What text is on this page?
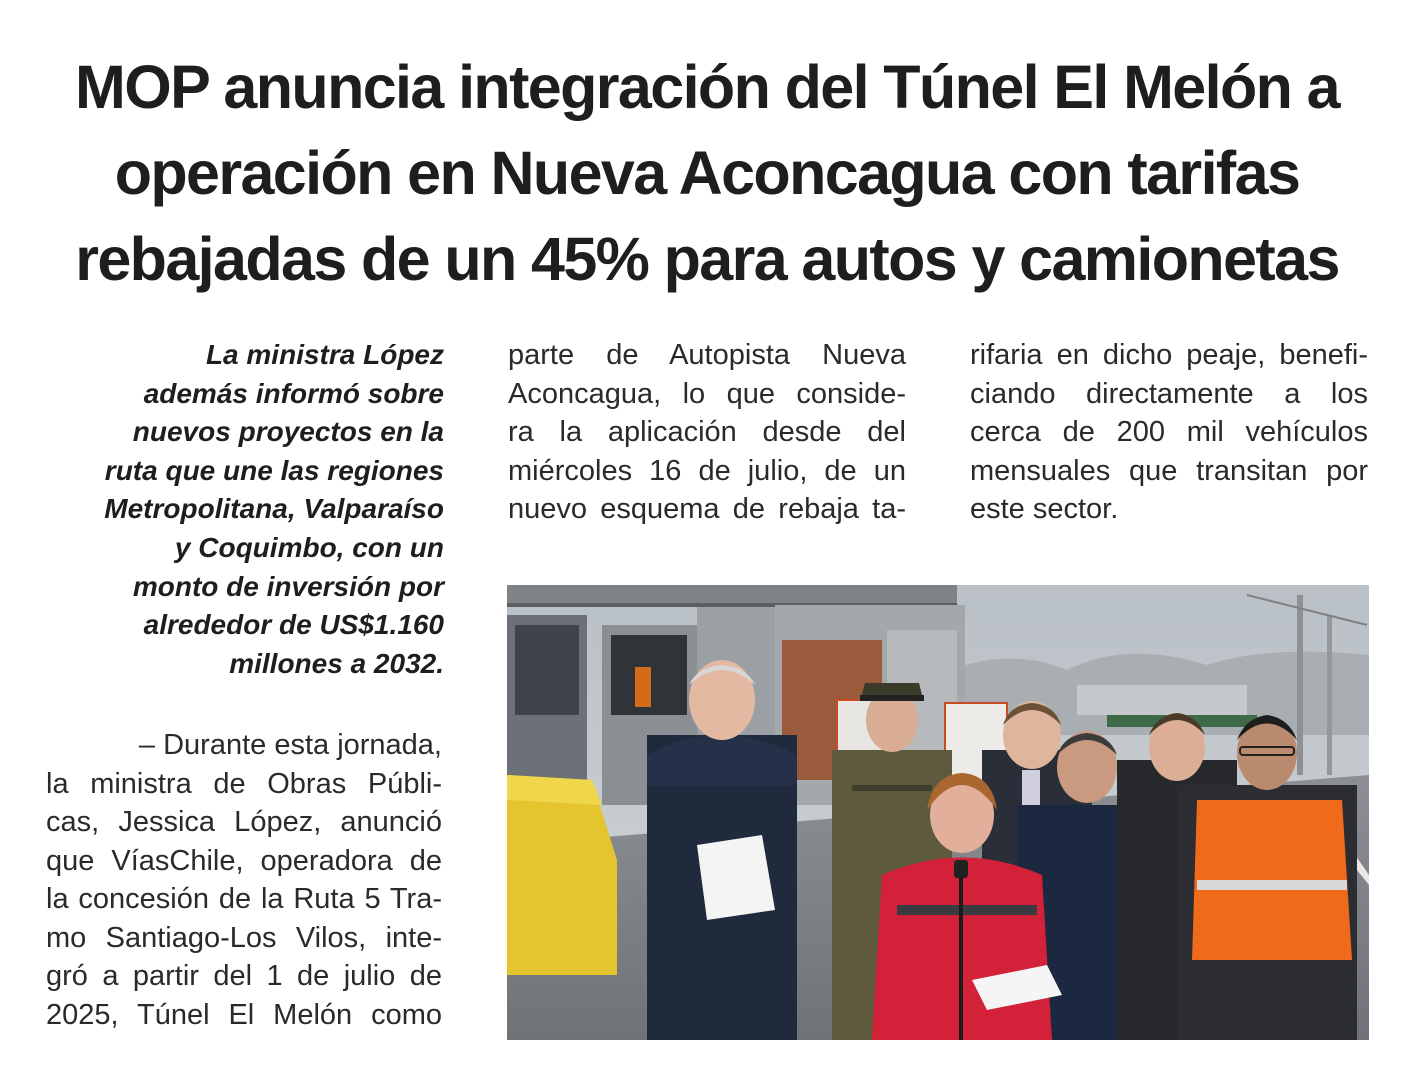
MOP anuncia integración del Túnel El Melón a
operación en Nueva Aconcagua con tarifas
rebajadas de un 45% para autos y camionetas
La ministra López
además informó sobre
nuevos proyectos en la
ruta que une las regiones
Metropolitana, Valparaíso
y Coquimbo, con un
monto de inversión por
alrededor de US$1.160
millones a 2032.
– Durante esta jornada,
la ministra de Obras Públi-
cas, Jessica López, anunció
que VíasChile, operadora de
la concesión de la Ruta 5 Tra-
mo Santiago-Los Vilos, inte-
gró a partir del 1 de julio de
2025, Túnel El Melón como
parte de Autopista Nueva
Aconcagua, lo que conside-
ra la aplicación desde del
miércoles 16 de julio, de un
nuevo esquema de rebaja ta-
rifaria en dicho peaje, benefi-
ciando directamente a los
cerca de 200 mil vehículos
mensuales que transitan por
este sector.
